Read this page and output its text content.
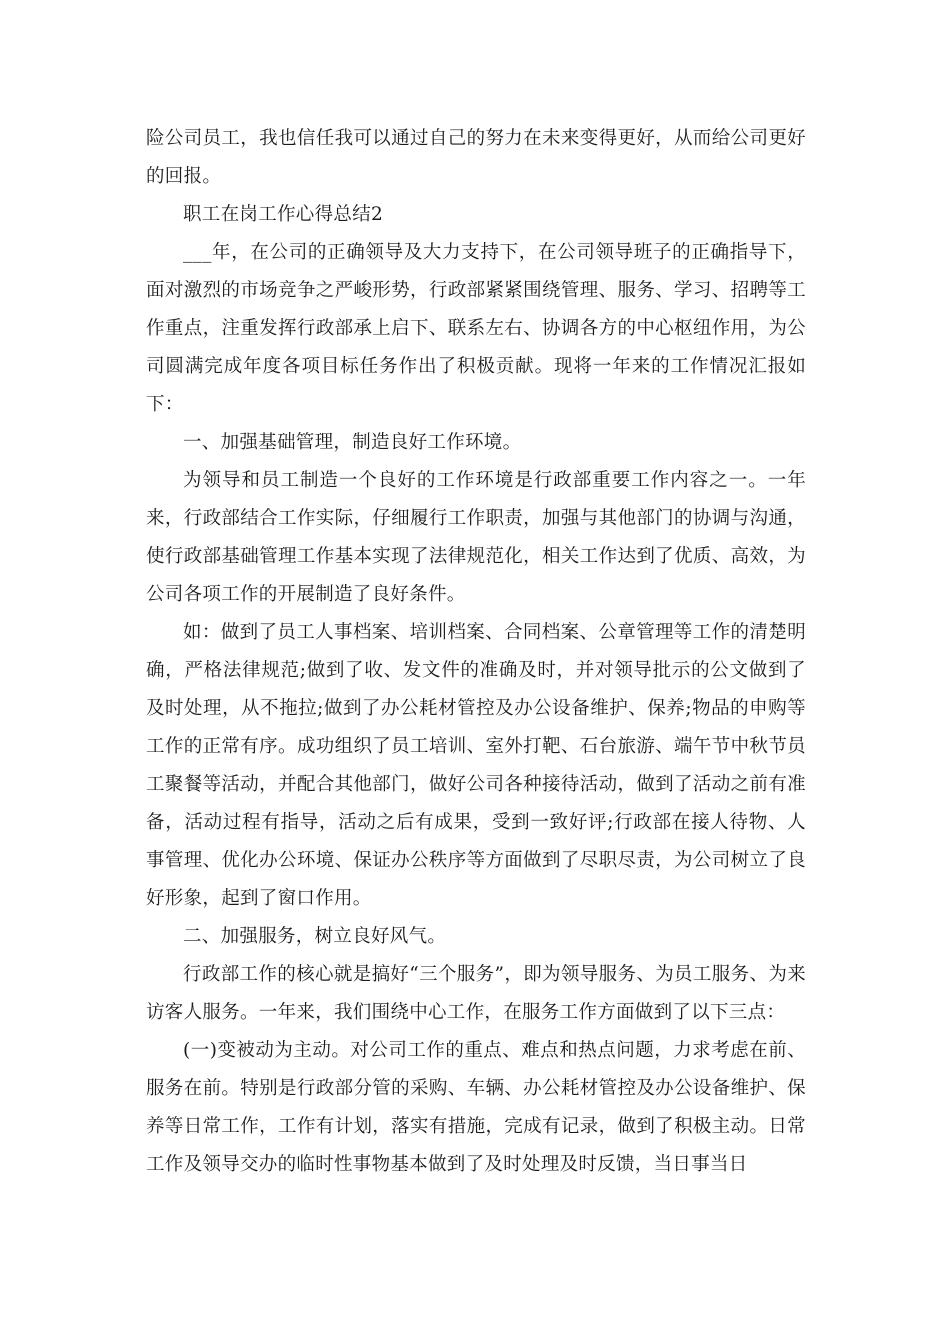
险公司员工，我也信任我可以通过自己的努力在未来变得更好，从而给公司更好的回报。

职工在岗工作心得总结2

___年，在公司的正确领导及大力支持下，在公司领导班子的正确指导下，面对激烈的市场竞争之严峻形势，行政部紧紧围绕管理、服务、学习、招聘等工作重点，注重发挥行政部承上启下、联系左右、协调各方的中心枢纽作用，为公司圆满完成年度各项目标任务作出了积极贡献。现将一年来的工作情况汇报如下：

一、加强基础管理，制造良好工作环境。

为领导和员工制造一个良好的工作环境是行政部重要工作内容之一。一年来，行政部结合工作实际，仔细履行工作职责，加强与其他部门的协调与沟通，使行政部基础管理工作基本实现了法律规范化，相关工作达到了优质、高效，为公司各项工作的开展制造了良好条件。

如：做到了员工人事档案、培训档案、合同档案、公章管理等工作的清楚明确，严格法律规范;做到了收、发文件的准确及时，并对领导批示的公文做到了及时处理，从不拖拉;做到了办公耗材管控及办公设备维护、保养;物品的申购等工作的正常有序。成功组织了员工培训、室外打靶、石台旅游、端午节中秋节员工聚餐等活动，并配合其他部门，做好公司各种接待活动，做到了活动之前有准备，活动过程有指导，活动之后有成果，受到一致好评;行政部在接人待物、人事管理、优化办公环境、保证办公秩序等方面做到了尽职尽责，为公司树立了良好形象，起到了窗口作用。

二、加强服务，树立良好风气。

行政部工作的核心就是搞好“三个服务”，即为领导服务、为员工服务、为来访客人服务。一年来，我们围绕中心工作，在服务工作方面做到了以下三点：

(一)变被动为主动。对公司工作的重点、难点和热点问题，力求考虑在前、服务在前。特别是行政部分管的采购、车辆、办公耗材管控及办公设备维护、保养等日常工作，工作有计划，落实有措施，完成有记录，做到了积极主动。日常工作及领导交办的临时性事物基本做到了及时处理及时反馈，当日事当日
